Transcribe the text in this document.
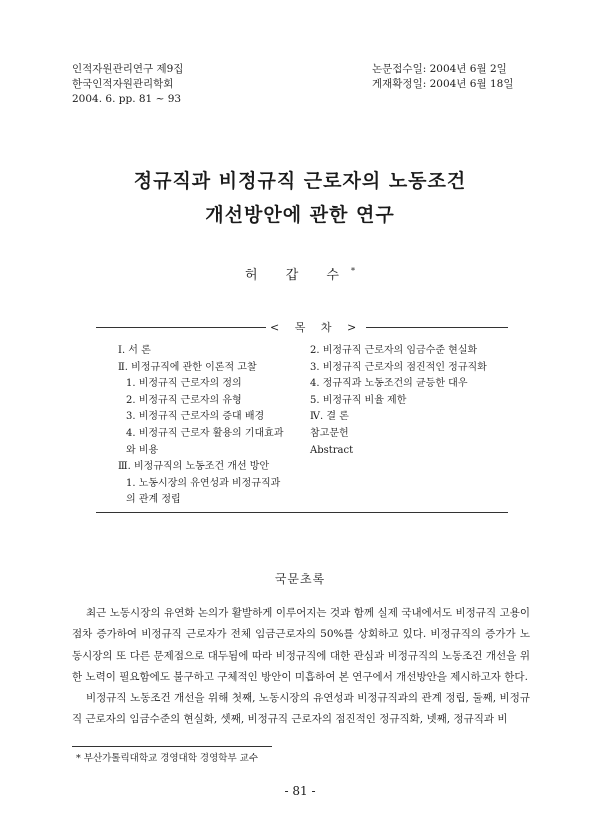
인적자원관리연구 제9집
한국인적자원관리학회
2004. 6. pp. 81 ~ 93
논문접수일: 2004년 6월 2일
게재확정일: 2004년 6월 18일
정규직과 비정규직 근로자의 노동조건
개선방안에 관한 연구
허 갑 수*
< 목 차 >
Ⅰ. 서 론
Ⅱ. 비정규직에 관한 이론적 고찰
1. 비정규직 근로자의 정의
2. 비정규직 근로자의 유형
3. 비정규직 근로자의 증대 배경
4. 비정규직 근로자 활용의 기대효과
와 비용
Ⅲ. 비정규직의 노동조건 개선 방안
1. 노동시장의 유연성과 비정규직과
의 관계 정립
2. 비정규직 근로자의 임금수준 현실화
3. 비정규직 근로자의 점진적인 정규직화
4. 정규직과 노동조건의 균등한 대우
5. 비정규직 비율 제한
Ⅳ. 결 론
참고문헌
Abstract
국문초록

최근 노동시장의 유연화 논의가 활발하게 이루어지는 것과 함께 실제 국내에서도 비정규직 고용이 점차 증가하여 비정규직 근로자가 전체 임금근로자의 50%를 상회하고 있다. 비정규직의 증가가 노동시장의 또 다른 문제점으로 대두됨에 따라 비정규직에 대한 관심과 비정규직의 노동조건 개선을 위한 노력이 필요함에도 불구하고 구체적인 방안이 미흡하여 본 연구에서 개선방안을 제시하고자 한다.

비정규직 노동조건 개선을 위해 첫째, 노동시장의 유연성과 비정규직과의 관계 정립, 둘째, 비정규직 근로자의 임금수준의 현실화, 셋째, 비정규직 근로자의 점진적인 정규직화, 넷째, 정규직과 비

* 부산가톨릭대학교 경영대학 경영학부 교수
- 81 -
